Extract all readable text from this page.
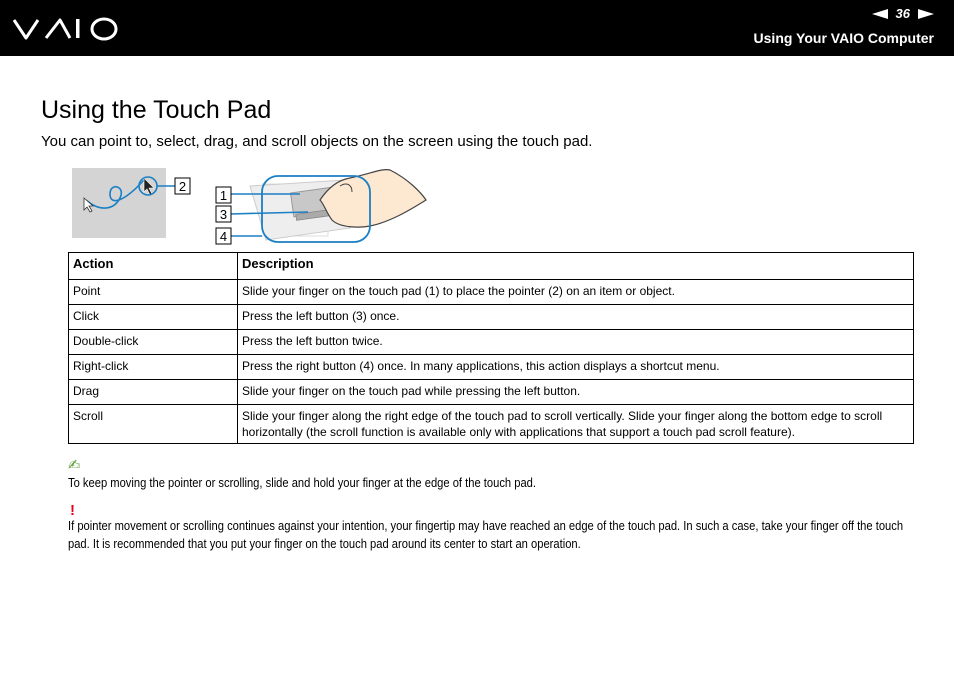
36
Using Your VAIO Computer
Using the Touch Pad

You can point to, select, drag, and scroll objects on the screen using the touch pad.

2
1
3
4
Action	Description
Point	Slide your finger on the touch pad (1) to place the pointer (2) on an item or object.
Click	Press the left button (3) once.
Double-click	Press the left button twice.
Right-click	Press the right button (4) once. In many applications, this action displays a shortcut menu.
Drag	Slide your finger on the touch pad while pressing the left button.
Scroll	Slide your finger along the right edge of the touch pad to scroll vertically. Slide your finger along the bottom edge to scroll horizontally (the scroll function is available only with applications that support a touch pad scroll feature).
✍

To keep moving the pointer or scrolling, slide and hold your finger at the edge of the touch pad.

!

If pointer movement or scrolling continues against your intention, your fingertip may have reached an edge of the touch pad. In such a case, take your finger off the touch pad. It is recommended that you put your finger on the touch pad around its center to start an operation.
